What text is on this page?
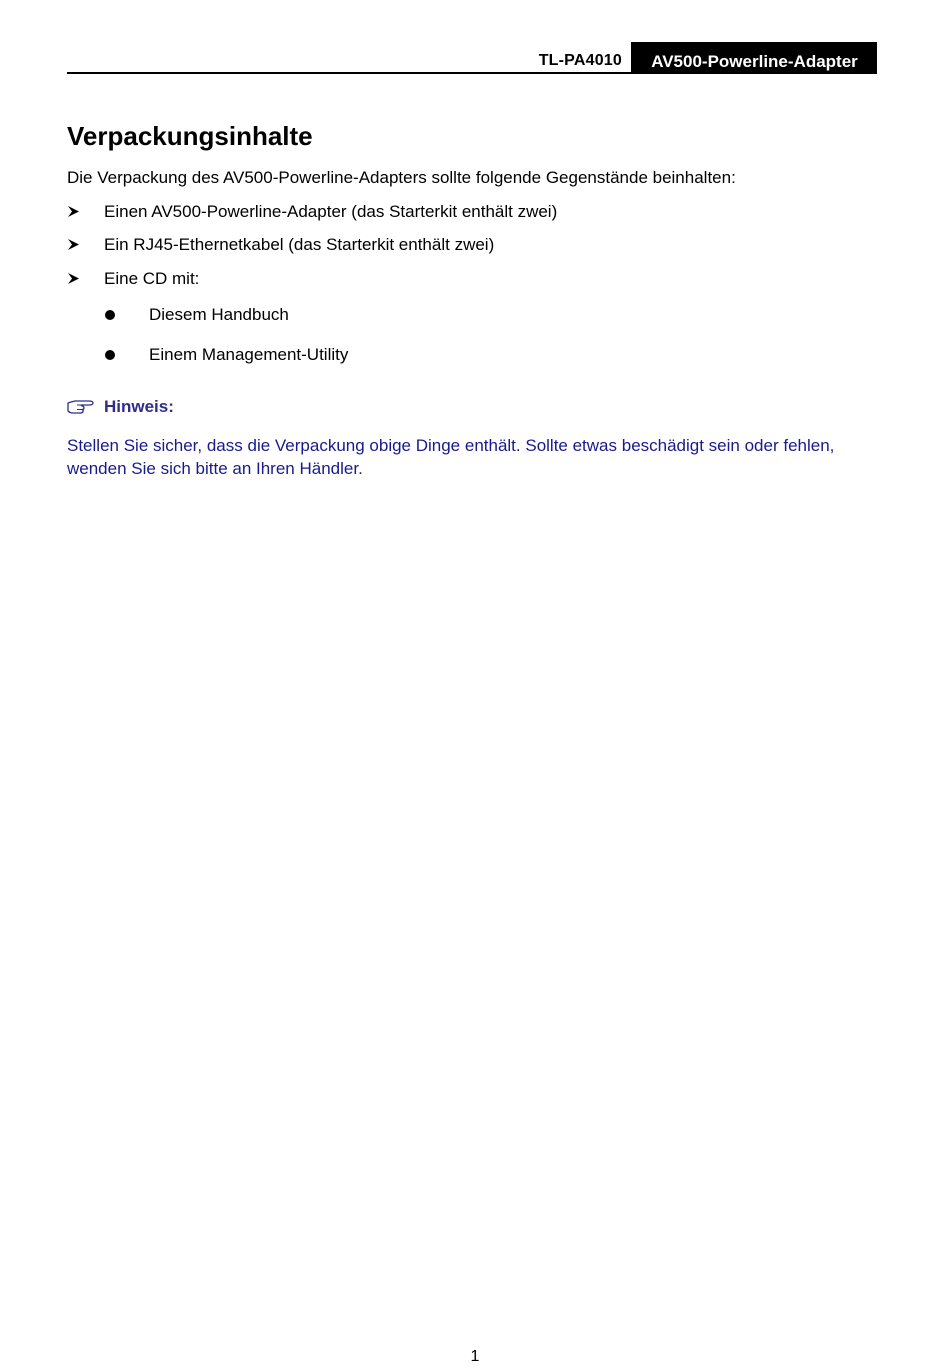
TL-PA4010	AV500-Powerline-Adapter
Verpackungsinhalte

Die Verpackung des AV500-Powerline-Adapters sollte folgende Gegenstände beinhalten:

Einen AV500-Powerline-Adapter (das Starterkit enthält zwei)
Ein RJ45-Ethernetkabel (das Starterkit enthält zwei)
Eine CD mit:
Diesem Handbuch
Einem Management-Utility
Hinweis:

Stellen Sie sicher, dass die Verpackung obige Dinge enthält. Sollte etwas beschädigt sein oder fehlen, wenden Sie sich bitte an Ihren Händler.

1
